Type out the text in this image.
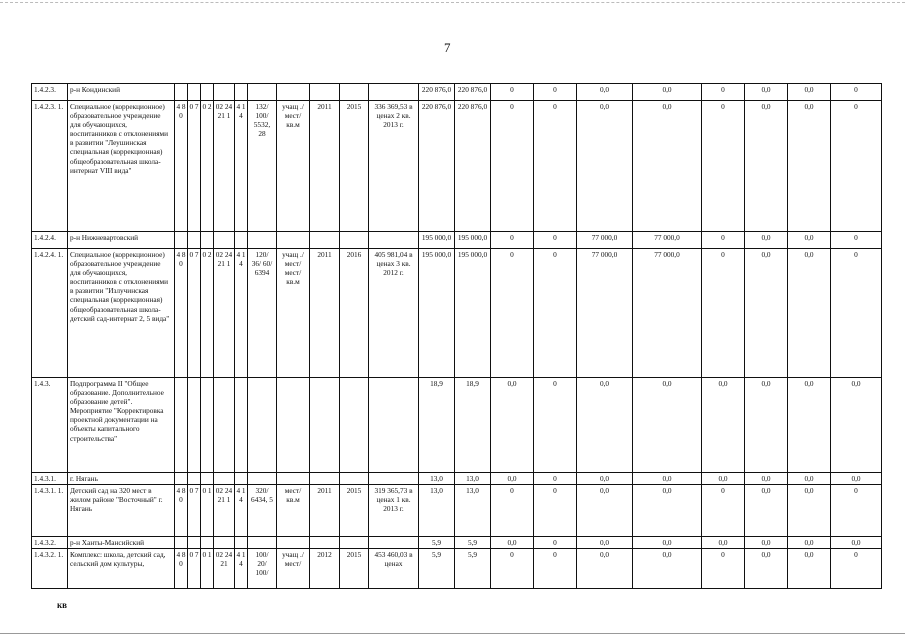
7
1.4.2.3.	р-н Кондинский											220 876,0	220 876,0	0	0	0,0	0,0	0	0,0	0,0	0
1.4.2.3. 1.	Специальное (коррекционное) образовательное учреждение для обучающихся, воспитанников с отклонениями в развитии "Леушинская специальная (коррекционная) общеобразовательная школа-интернат VIII вида"	4 8 0	0 7	0 2	02 24 21 1	4 1 4	132/ 100/ 5532, 28	учащ ./ мест/ кв.м	2011	2015	336 369,53 в ценах 2 кв. 2013 г.	220 876,0	220 876,0	0	0	0,0	0,0	0	0,0	0,0	0
1.4.2.4.	р-н Нижневартовский											195 000,0	195 000,0	0	0	77 000,0	77 000,0	0	0,0	0,0	0
1.4.2.4. 1.	Специальное (коррекционное) образовательное учреждение для обучающихся, воспитанников с отклонениями в развитии "Излучинская специальная (коррекционная) общеобразовательная школа-детский сад-интернат 2, 5 вида"	4 8 0	0 7	0 2	02 24 21 1	4 1 4	120/ 36/ 60/ 6394	учащ ./ мест/ мест/ кв.м	2011	2016	405 981,04 в ценах 3 кв. 2012 г.	195 000,0	195 000,0	0	0	77 000,0	77 000,0	0	0,0	0,0	0
1.4.3.	Подпрограмма II "Общее образование. Дополнительное образование детей". Мероприятие "Корректировка проектной документации на объекты капитального строительства"											18,9	18,9	0,0	0	0,0	0,0	0,0	0,0	0,0	0,0
1.4.3.1.	г. Нягань											13,0	13,0	0,0	0	0,0	0,0	0,0	0,0	0,0	0,0
1.4.3.1. 1.	Детский сад на 320 мест в жилом районе "Восточный" г. Нягань	4 8 0	0 7	0 1	02 24 21 1	4 1 4	320/ 6434, 5	мест/ кв.м	2011	2015	319 365,73 в ценах 1 кв. 2013 г.	13,0	13,0	0	0	0,0	0,0	0	0,0	0,0	0
1.4.3.2.	р-н Ханты-Мансийский											5,9	5,9	0,0	0	0,0	0,0	0,0	0,0	0,0	0,0
1.4.3.2. 1.	Комплекс: школа, детский сад, сельский дом культуры,	4 8 0	0 7	0 1	02 24 21	4 1 4	100/ 20/ 100/	учащ ./ мест/	2012	2015	453 460,03 в ценах	5,9	5,9	0	0	0,0	0,0	0	0,0	0,0	0
кв
